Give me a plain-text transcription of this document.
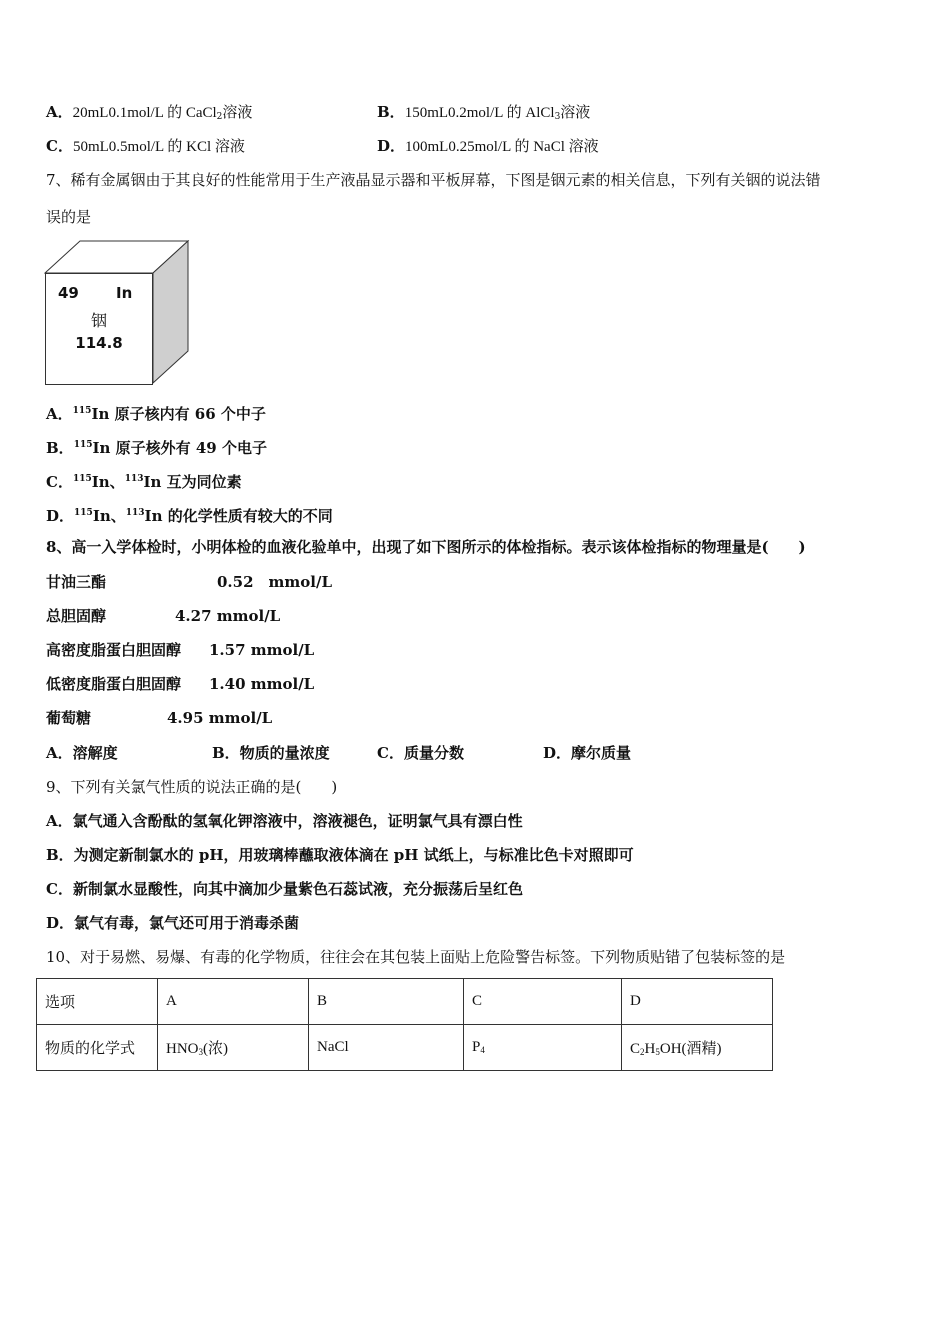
A．20mL0.1mol/L 的 CaCl$_2$溶液	B．150mL0.2mol/L 的 AlCl$_3$溶液
C．50mL0.5mol/L 的 KCl 溶液	D．100mL0.25mol/L 的 NaCl 溶液
7、稀有金属铟由于其良好的性能常用于生产液晶显示器和平板屏幕，下图是铟元素的相关信息，下列有关铟的说法错
误的是
49 In
铟
114.8
A．$^{115}$In 原子核内有 66 个中子
B．$^{115}$In 原子核外有 49 个电子
C．$^{115}$In、$^{113}$In 互为同位素
D．$^{115}$In、$^{113}$In 的化学性质有较大的不同
8、高一入学体检时，小明体检的血液化验单中，出现了如下图所示的体检指标。表示该体检指标的物理量是(　　)
甘油三酯	0.52　mmol/L
总胆固醇	4.27 mmol/L
高密度脂蛋白胆固醇 1.57 mmol/L
低密度脂蛋白胆固醇 1.40 mmol/L
葡萄糖	4.95 mmol/L
A．溶解度	B．物质的量浓度	C．质量分数	D．摩尔质量
9、下列有关氯气性质的说法正确的是(　　)
A．氯气通入含酚酞的氢氧化钾溶液中，溶液褪色，证明氯气具有漂白性
B．为测定新制氯水的 pH，用玻璃棒蘸取液体滴在 pH 试纸上，与标准比色卡对照即可
C．新制氯水显酸性，向其中滴加少量紫色石蕊试液，充分振荡后呈红色
D．氯气有毒，氯气还可用于消毒杀菌
10、对于易燃、易爆、有毒的化学物质，往往会在其包装上面贴上危险警告标签。下列物质贴错了包装标签的是
选项	A	B	C	D
物质的化学式	$HNO_3$(浓)	NaCl	$P_4$	$C_2H_5OH$(酒精)
